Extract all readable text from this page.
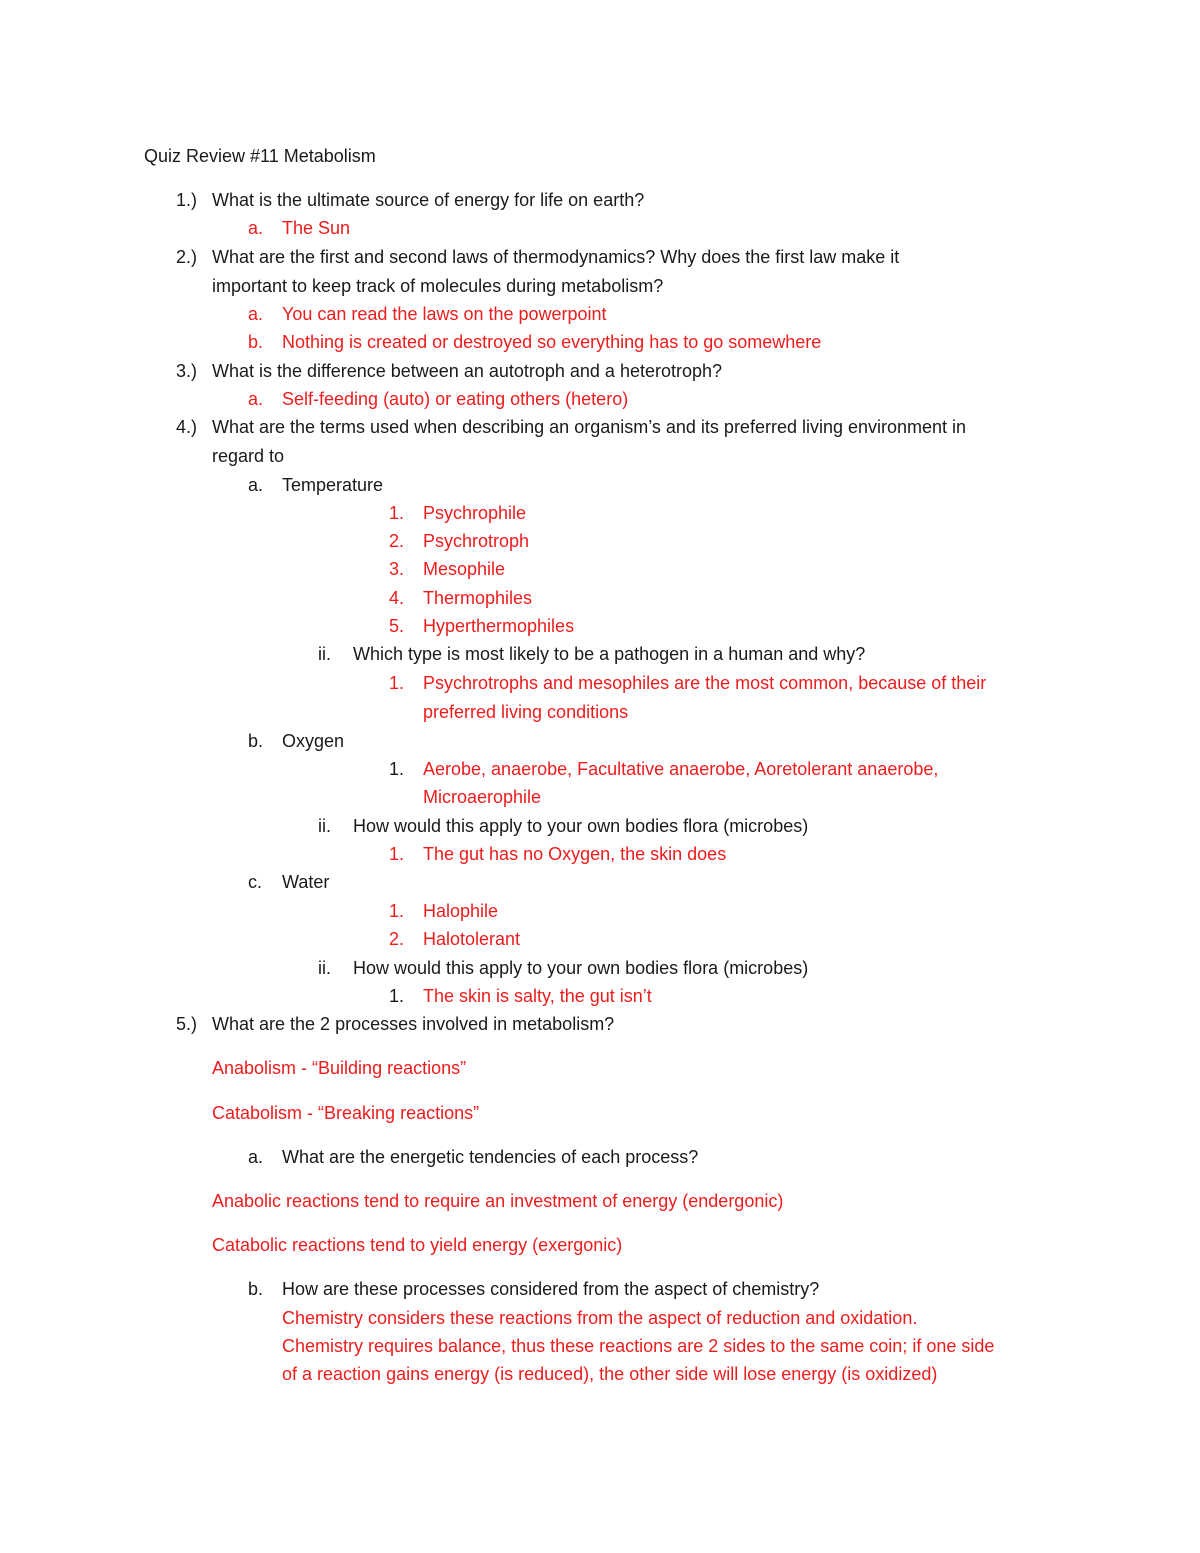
Quiz Review #11 Metabolism
1.) What is the ultimate source of energy for life on earth?
a. The Sun
2.) What are the first and second laws of thermodynamics? Why does the first law make it
important to keep track of molecules during metabolism?
a. You can read the laws on the powerpoint
b. Nothing is created or destroyed so everything has to go somewhere
3.) What is the difference between an autotroph and a heterotroph?
a. Self-feeding (auto) or eating others (hetero)
4.) What are the terms used when describing an organism’s and its preferred living environment in
regard to
a. Temperature
1. Psychrophile
2. Psychrotroph
3. Mesophile
4. Thermophiles
5. Hyperthermophiles
ii. Which type is most likely to be a pathogen in a human and why?
1. Psychrotrophs and mesophiles are the most common, because of their
preferred living conditions
b. Oxygen
1. Aerobe, anaerobe, Facultative anaerobe, Aoretolerant anaerobe,
Microaerophile
ii. How would this apply to your own bodies flora (microbes)
1. The gut has no Oxygen, the skin does
c. Water
1. Halophile
2. Halotolerant
ii. How would this apply to your own bodies flora (microbes)
1. The skin is salty, the gut isn’t
5.) What are the 2 processes involved in metabolism?
Anabolism - “Building reactions”
Catabolism - “Breaking reactions”
a. What are the energetic tendencies of each process?
Anabolic reactions tend to require an investment of energy (endergonic)
Catabolic reactions tend to yield energy (exergonic)
b. How are these processes considered from the aspect of chemistry?
Chemistry considers these reactions from the aspect of reduction and oxidation.
Chemistry requires balance, thus these reactions are 2 sides to the same coin; if one side
of a reaction gains energy (is reduced), the other side will lose energy (is oxidized)
